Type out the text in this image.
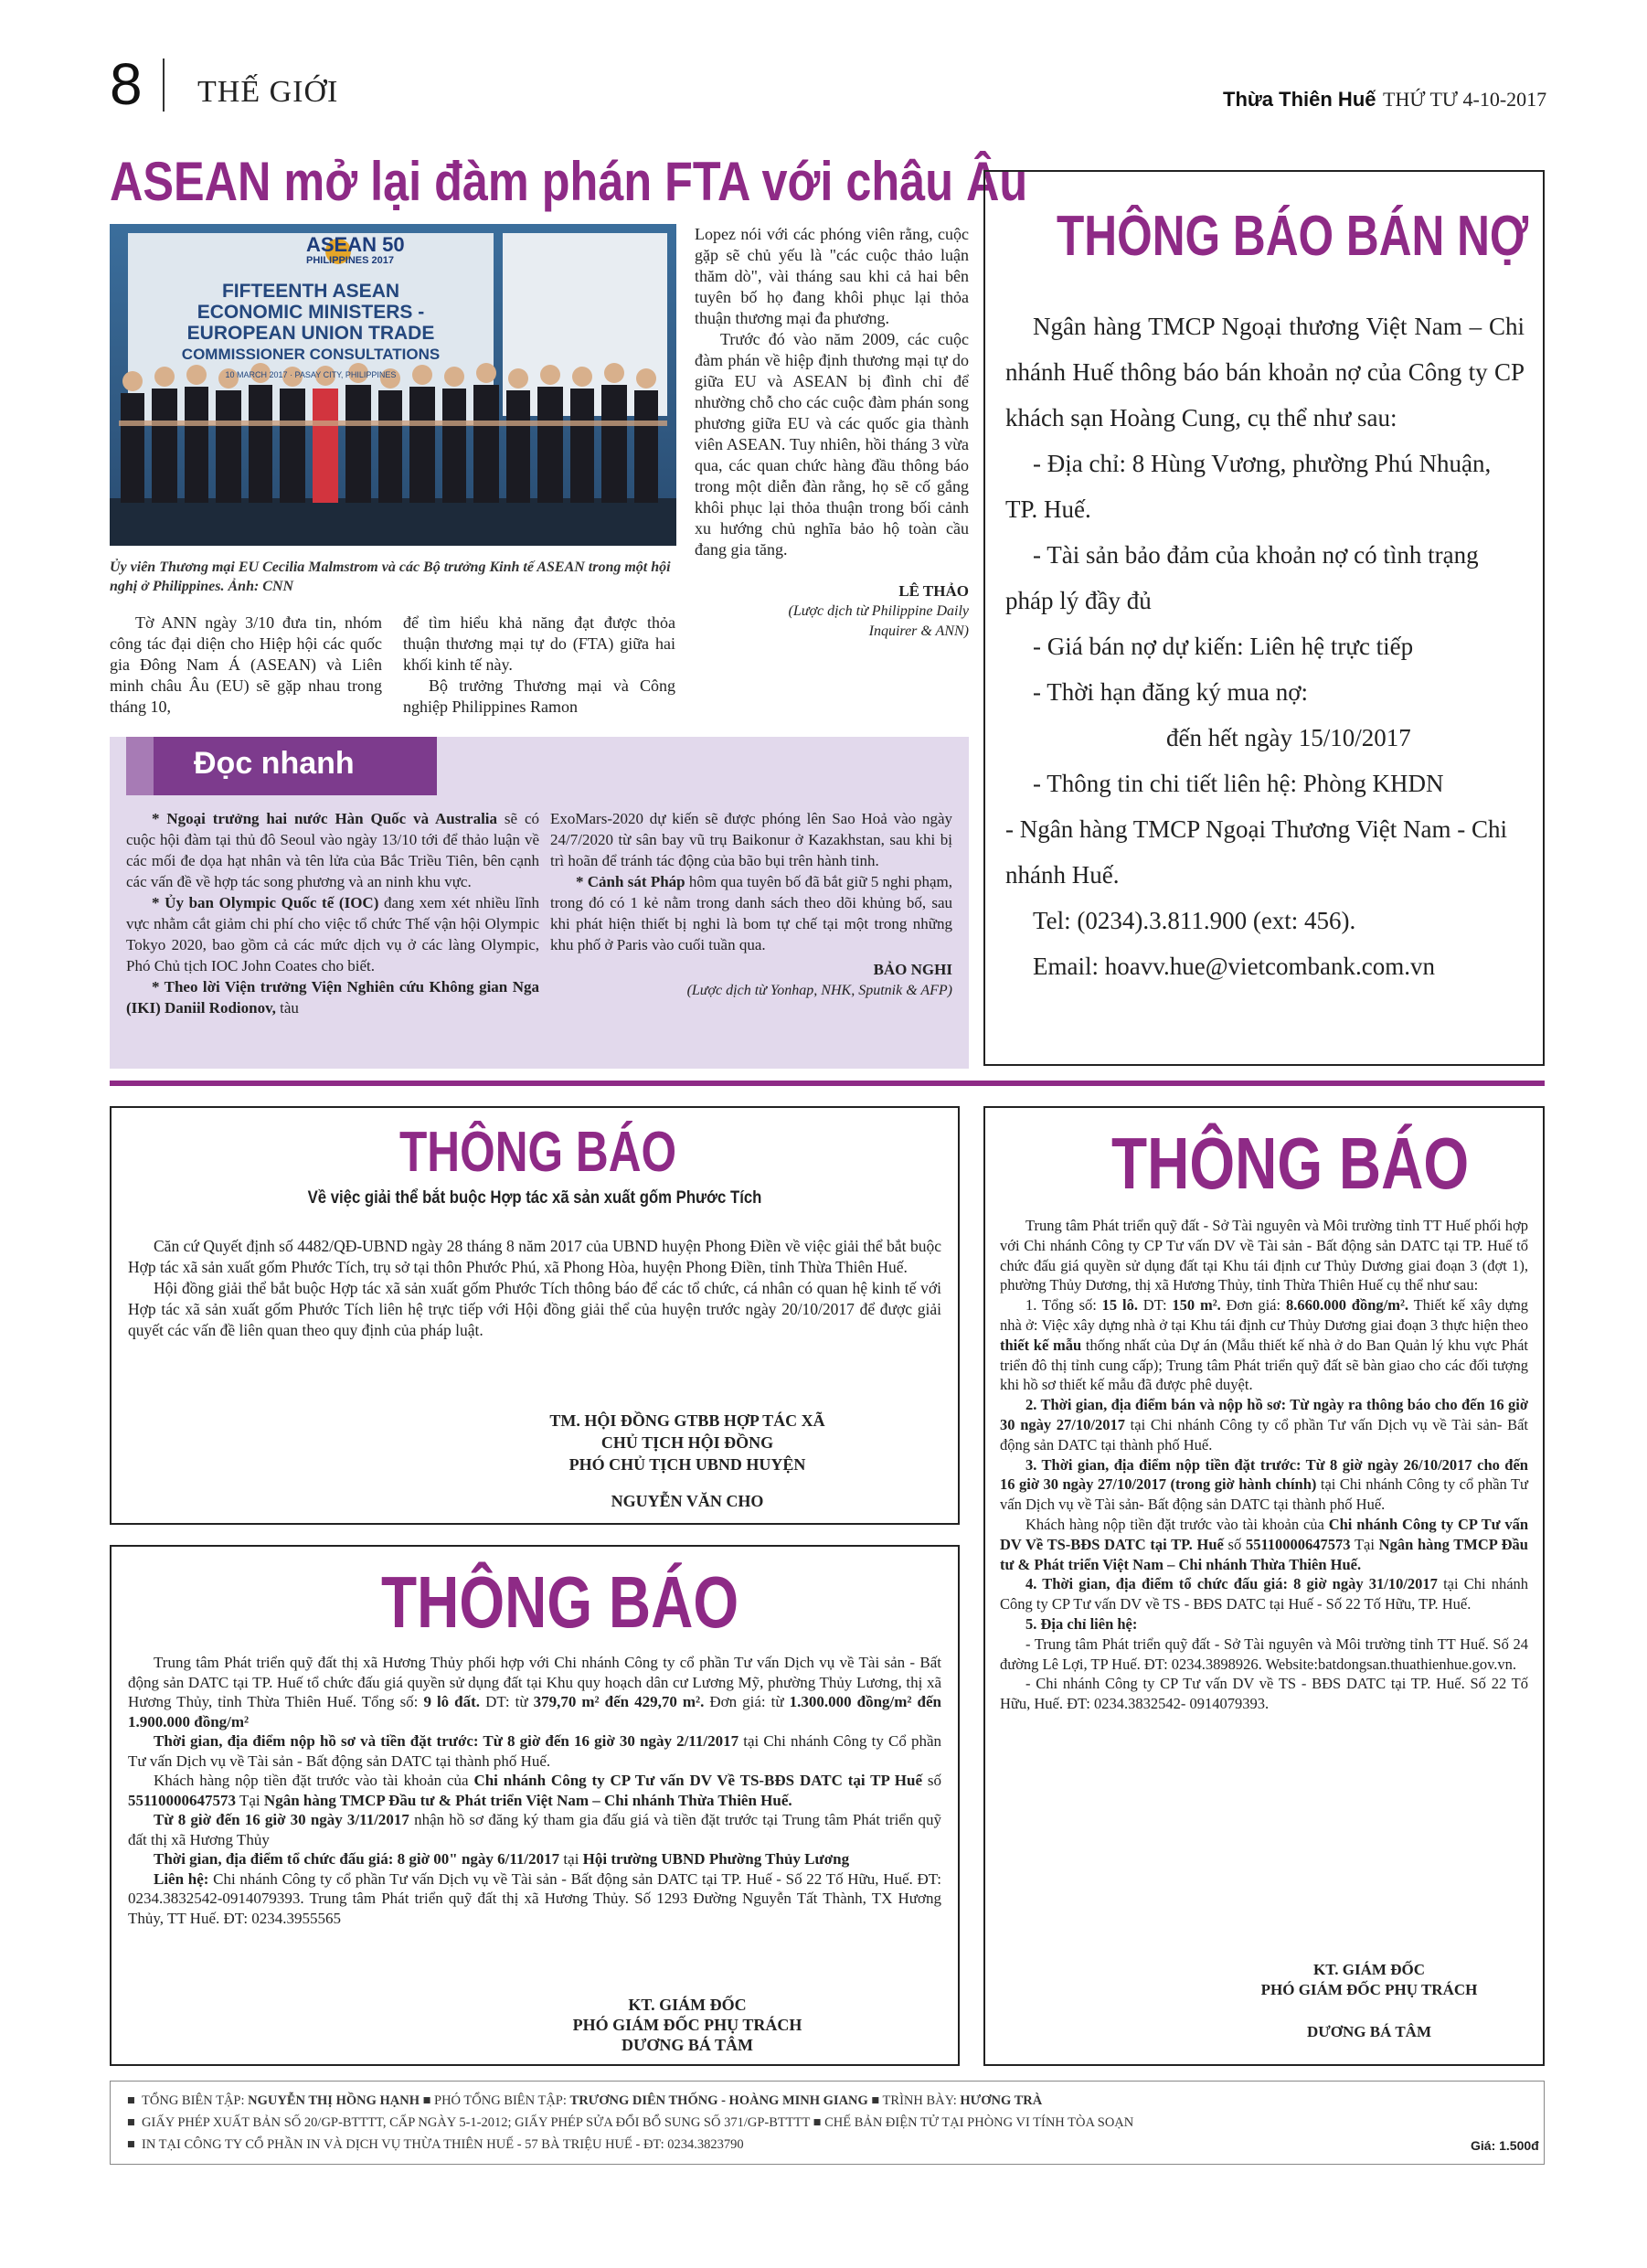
8 THẾ GIỚI	Thừa Thiên Huế THỨ TƯ 4-10-2017
ASEAN mở lại đàm phán FTA với châu Âu
ASEAN 50
PHILIPPINES 2017
FIFTEENTH ASEAN
ECONOMIC MINISTERS -
EUROPEAN UNION TRADE
COMMISSIONER CONSULTATIONS
10 MARCH 2017 · PASAY CITY, PHILIPPINES
Ủy viên Thương mại EU Cecilia Malmstrom và các Bộ trưởng Kinh tế ASEAN trong một hội nghị ở Philippines. Ảnh: CNN

Tờ ANN ngày 3/10 đưa tin, nhóm công tác đại diện cho Hiệp hội các quốc gia Đông Nam Á (ASEAN) và Liên minh châu Âu (EU) sẽ gặp nhau trong tháng 10,

để tìm hiểu khả năng đạt được thỏa thuận thương mại tự do (FTA) giữa hai khối kinh tế này.

Bộ trưởng Thương mại và Công nghiệp Philippines Ramon

Lopez nói với các phóng viên rằng, cuộc gặp sẽ chủ yếu là "các cuộc thảo luận thăm dò", vài tháng sau khi cả hai bên tuyên bố họ đang khôi phục lại thỏa thuận thương mại đa phương.

Trước đó vào năm 2009, các cuộc đàm phán về hiệp định thương mại tự do giữa EU và ASEAN bị đình chỉ để nhường chỗ cho các cuộc đàm phán song phương giữa EU và các quốc gia thành viên ASEAN. Tuy nhiên, hồi tháng 3 vừa qua, các quan chức hàng đầu thông báo trong một diễn đàn rằng, họ sẽ cố gắng khôi phục lại thỏa thuận trong bối cảnh xu hướng chủ nghĩa bảo hộ toàn cầu đang gia tăng.

LÊ THẢO

(Lược dịch từ Philippine Daily Inquirer & ANN)

Đọc nhanh

* Ngoại trưởng hai nước Hàn Quốc và Australia sẽ có cuộc hội đàm tại thủ đô Seoul vào ngày 13/10 tới để thảo luận về các mối đe dọa hạt nhân và tên lửa của Bắc Triều Tiên, bên cạnh các vấn đề về hợp tác song phương và an ninh khu vực.

* Ủy ban Olympic Quốc tế (IOC) đang xem xét nhiều lĩnh vực nhằm cắt giảm chi phí cho việc tổ chức Thế vận hội Olympic Tokyo 2020, bao gồm cả các mức dịch vụ ở các làng Olympic, Phó Chủ tịch IOC John Coates cho biết.

* Theo lời Viện trưởng Viện Nghiên cứu Không gian Nga (IKI) Daniil Rodionov, tàu

ExoMars-2020 dự kiến sẽ được phóng lên Sao Hoả vào ngày 24/7/2020 từ sân bay vũ trụ Baikonur ở Kazakhstan, sau khi bị trì hoãn để tránh tác động của bão bụi trên hành tinh.

* Cảnh sát Pháp hôm qua tuyên bố đã bắt giữ 5 nghi phạm, trong đó có 1 kẻ nằm trong danh sách theo dõi khủng bố, sau khi phát hiện thiết bị nghi là bom tự chế tại một trong những khu phố ở Paris vào cuối tuần qua.

BẢO NGHI

(Lược dịch từ Yonhap, NHK, Sputnik & AFP)

THÔNG BÁO BÁN NỢ

Ngân hàng TMCP Ngoại thương Việt Nam – Chi nhánh Huế thông báo bán khoản nợ của Công ty CP khách sạn Hoàng Cung, cụ thể như sau:

- Địa chỉ: 8 Hùng Vương, phường Phú Nhuận, TP. Huế.

- Tài sản bảo đảm của khoản nợ có tình trạng pháp lý đầy đủ

- Giá bán nợ dự kiến: Liên hệ trực tiếp

- Thời hạn đăng ký mua nợ:

đến hết ngày 15/10/2017

- Thông tin chi tiết liên hệ: Phòng KHDN

- Ngân hàng TMCP Ngoại Thương Việt Nam - Chi nhánh Huế.

Tel: (0234).3.811.900 (ext: 456).

Email: hoavv.hue@vietcombank.com.vn

THÔNG BÁO
Về việc giải thể bắt buộc Hợp tác xã sản xuất gốm Phước Tích

Căn cứ Quyết định số 4482/QĐ-UBND ngày 28 tháng 8 năm 2017 của UBND huyện Phong Điền về việc giải thể bắt buộc Hợp tác xã sản xuất gốm Phước Tích, trụ sở tại thôn Phước Phú, xã Phong Hòa, huyện Phong Điền, tỉnh Thừa Thiên Huế.

Hội đồng giải thể bắt buộc Hợp tác xã sản xuất gốm Phước Tích thông báo để các tổ chức, cá nhân có quan hệ kinh tế với Hợp tác xã sản xuất gốm Phước Tích liên hệ trực tiếp với Hội đồng giải thể của huyện trước ngày 20/10/2017 để được giải quyết các vấn đề liên quan theo quy định của pháp luật.

TM. HỘI ĐỒNG GTBB HỢP TÁC XÃ
CHỦ TỊCH HỘI ĐỒNG
PHÓ CHỦ TỊCH UBND HUYỆN
NGUYỄN VĂN CHO
THÔNG BÁO

Trung tâm Phát triển quỹ đất thị xã Hương Thủy phối hợp với Chi nhánh Công ty cổ phần Tư vấn Dịch vụ về Tài sản - Bất động sản DATC tại TP. Huế tổ chức đấu giá quyền sử dụng đất tại Khu quy hoạch dân cư Lương Mỹ, phường Thủy Lương, thị xã Hương Thủy, tỉnh Thừa Thiên Huế. Tổng số: 9 lô đất. DT: từ 379,70 m² đến 429,70 m². Đơn giá: từ 1.300.000 đồng/m² đến 1.900.000 đồng/m²

Thời gian, địa điểm nộp hồ sơ và tiền đặt trước: Từ 8 giờ đến 16 giờ 30 ngày 2/11/2017 tại Chi nhánh Công ty Cổ phần Tư vấn Dịch vụ về Tài sản - Bất động sản DATC tại thành phố Huế.

Khách hàng nộp tiền đặt trước vào tài khoản của Chi nhánh Công ty CP Tư vấn DV Về TS-BĐS DATC tại TP Huế số 55110000647573 Tại Ngân hàng TMCP Đầu tư & Phát triển Việt Nam – Chi nhánh Thừa Thiên Huế.

Từ 8 giờ đến 16 giờ 30 ngày 3/11/2017 nhận hồ sơ đăng ký tham gia đấu giá và tiền đặt trước tại Trung tâm Phát triển quỹ đất thị xã Hương Thủy

Thời gian, địa điểm tổ chức đấu giá: 8 giờ 00" ngày 6/11/2017 tại Hội trường UBND Phường Thủy Lương

Liên hệ: Chi nhánh Công ty cổ phần Tư vấn Dịch vụ về Tài sản - Bất động sản DATC tại TP. Huế - Số 22 Tố Hữu, Huế. ĐT: 0234.3832542-0914079393. Trung tâm Phát triển quỹ đất thị xã Hương Thủy. Số 1293 Đường Nguyễn Tất Thành, TX Hương Thủy, TT Huế. ĐT: 0234.3955565

KT. GIÁM ĐỐC
PHÓ GIÁM ĐỐC PHỤ TRÁCH
DƯƠNG BÁ TÂM
THÔNG BÁO

Trung tâm Phát triển quỹ đất - Sở Tài nguyên và Môi trường tỉnh TT Huế phối hợp với Chi nhánh Công ty CP Tư vấn DV về Tài sản - Bất động sản DATC tại TP. Huế tổ chức đấu giá quyền sử dụng đất tại Khu tái định cư Thủy Dương giai đoạn 3 (đợt 1), phường Thủy Dương, thị xã Hương Thủy, tỉnh Thừa Thiên Huế cụ thể như sau:

1. Tổng số: 15 lô. DT: 150 m². Đơn giá: 8.660.000 đồng/m². Thiết kế xây dựng nhà ở: Việc xây dựng nhà ở tại Khu tái định cư Thủy Dương giai đoạn 3 thực hiện theo thiết kế mẫu thống nhất của Dự án (Mẫu thiết kế nhà ở do Ban Quản lý khu vực Phát triển đô thị tỉnh cung cấp); Trung tâm Phát triển quỹ đất sẽ bàn giao cho các đối tượng khi hồ sơ thiết kế mẫu đã được phê duyệt.

2. Thời gian, địa điểm bán và nộp hồ sơ: Từ ngày ra thông báo cho đến 16 giờ 30 ngày 27/10/2017 tại Chi nhánh Công ty cổ phần Tư vấn Dịch vụ về Tài sản- Bất động sản DATC tại thành phố Huế.

3. Thời gian, địa điểm nộp tiền đặt trước: Từ 8 giờ ngày 26/10/2017 cho đến 16 giờ 30 ngày 27/10/2017 (trong giờ hành chính) tại Chi nhánh Công ty cổ phần Tư vấn Dịch vụ về Tài sản- Bất động sản DATC tại thành phố Huế.

Khách hàng nộp tiền đặt trước vào tài khoản của Chi nhánh Công ty CP Tư vấn DV Về TS-BĐS DATC tại TP. Huế số 55110000647573 Tại Ngân hàng TMCP Đầu tư & Phát triển Việt Nam – Chi nhánh Thừa Thiên Huế.

4. Thời gian, địa điểm tổ chức đấu giá: 8 giờ ngày 31/10/2017 tại Chi nhánh Công ty CP Tư vấn DV về TS - BĐS DATC tại Huế - Số 22 Tố Hữu, TP. Huế.

5. Địa chỉ liên hệ:

- Trung tâm Phát triển quỹ đất - Sở Tài nguyên và Môi trường tỉnh TT Huế. Số 24 đường Lê Lợi, TP Huế. ĐT: 0234.3898926. Website:batdongsan.thuathienhue.gov.vn.

- Chi nhánh Công ty CP Tư vấn DV về TS - BĐS DATC tại TP. Huế. Số 22 Tố Hữu, Huế. ĐT: 0234.3832542- 0914079393.

KT. GIÁM ĐỐC
PHÓ GIÁM ĐỐC PHỤ TRÁCH
DƯƠNG BÁ TÂM
■  TỔNG BIÊN TẬP: NGUYỄN THỊ HỒNG HẠNH ■ PHÓ TỔNG BIÊN TẬP: TRƯƠNG DIÊN THỐNG - HOÀNG MINH GIANG ■ TRÌNH BÀY: HƯƠNG TRÀ
■  GIẤY PHÉP XUẤT BẢN SỐ 20/GP-BTTTT, CẤP NGÀY 5-1-2012; GIẤY PHÉP SỬA ĐỔI BỔ SUNG SỐ 371/GP-BTTTT ■ CHẾ BẢN ĐIỆN TỬ TẠI PHÒNG VI TÍNH TÒA SOẠN
■  IN TẠI CÔNG TY CỔ PHẦN IN VÀ DỊCH VỤ THỪA THIÊN HUẾ - 57 BÀ TRIỆU HUẾ - ĐT: 0234.3823790	Giá: 1.500đ
